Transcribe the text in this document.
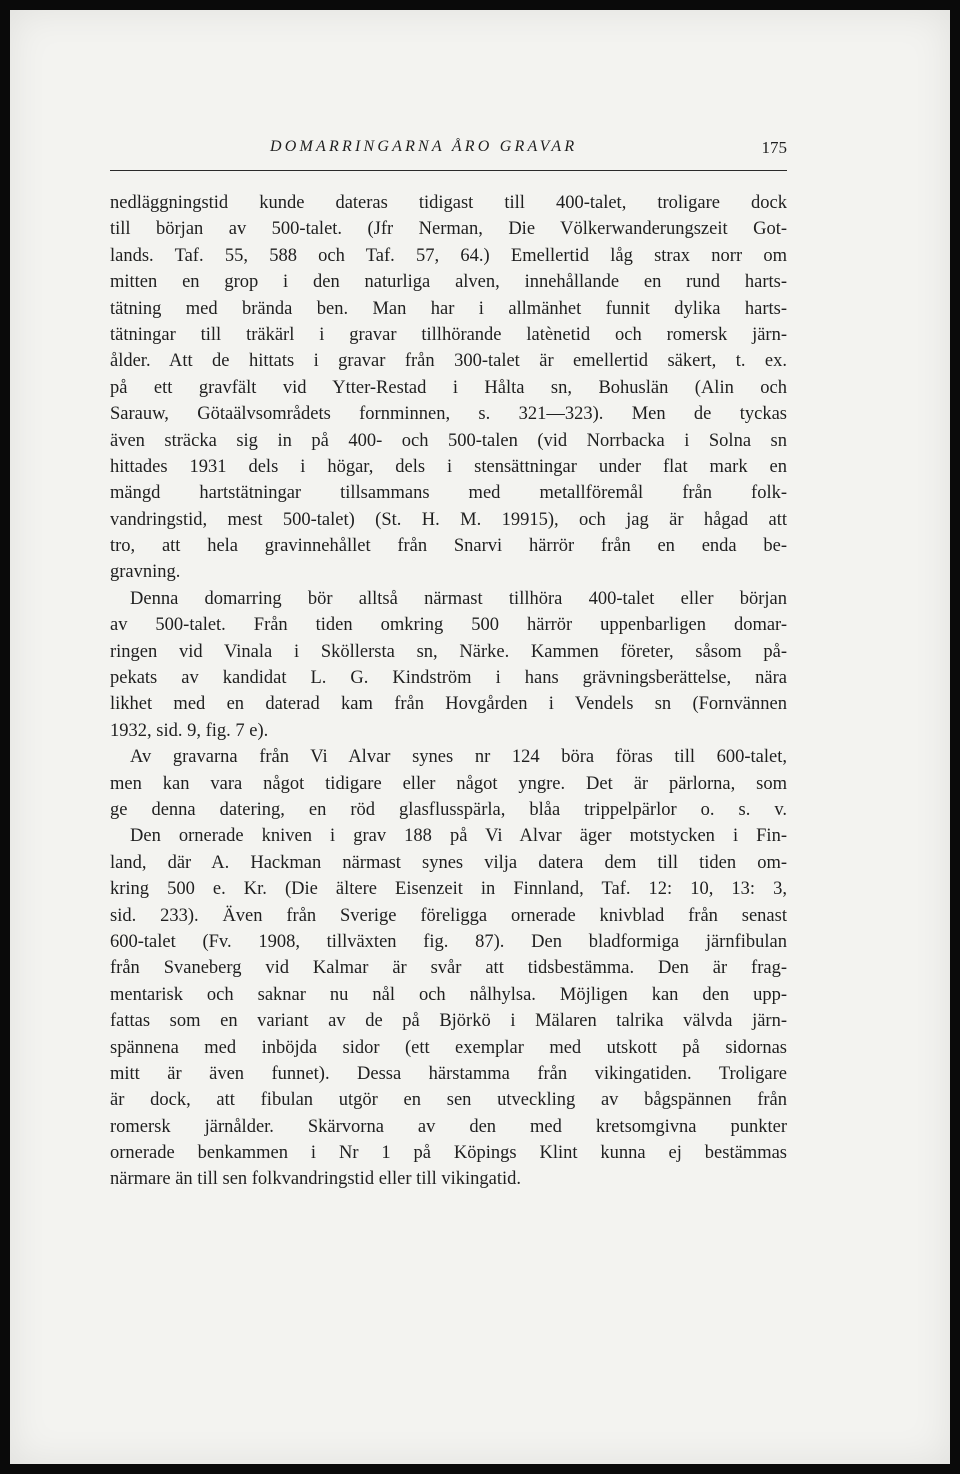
DOMARRINGARNA ÅRO GRAVAR	175
nedläggningstid kunde dateras tidigast till 400-talet, troligare dock
till början av 500-talet. (Jfr Nerman, Die Völkerwanderungszeit Got-
lands. Taf. 55, 588 och Taf. 57, 64.) Emellertid låg strax norr om
mitten en grop i den naturliga alven, innehållande en rund harts-
tätning med brända ben. Man har i allmänhet funnit dylika harts-
tätningar till träkärl i gravar tillhörande latènetid och romersk järn-
ålder. Att de hittats i gravar från 300-talet är emellertid säkert, t. ex.
på ett gravfält vid Ytter-Restad i Hålta sn, Bohuslän (Alin och
Sarauw, Götaälvsområdets fornminnen, s. 321—323). Men de tyckas
även sträcka sig in på 400- och 500-talen (vid Norrbacka i Solna sn
hittades 1931 dels i högar, dels i stensättningar under flat mark en
mängd hartstätningar tillsammans med metallföremål från folk-
vandringstid, mest 500-talet) (St. H. M. 19915), och jag är hågad att
tro, att hela gravinnehållet från Snarvi härrör från en enda be-
gravning.
Denna domarring bör alltså närmast tillhöra 400-talet eller början
av 500-talet. Från tiden omkring 500 härrör uppenbarligen domar-
ringen vid Vinala i Sköllersta sn, Närke. Kammen företer, såsom på-
pekats av kandidat L. G. Kindström i hans grävningsberättelse, nära
likhet med en daterad kam från Hovgården i Vendels sn (Fornvännen
1932, sid. 9, fig. 7 e).
Av gravarna från Vi Alvar synes nr 124 böra föras till 600-talet,
men kan vara något tidigare eller något yngre. Det är pärlorna, som
ge denna datering, en röd glasflusspärla, blåa trippelpärlor o. s. v.
Den ornerade kniven i grav 188 på Vi Alvar äger motstycken i Fin-
land, där A. Hackman närmast synes vilja datera dem till tiden om-
kring 500 e. Kr. (Die ältere Eisenzeit in Finnland, Taf. 12: 10, 13: 3,
sid. 233). Även från Sverige föreligga ornerade knivblad från senast
600-talet (Fv. 1908, tillväxten fig. 87). Den bladformiga järnfibulan
från Svaneberg vid Kalmar är svår att tidsbestämma. Den är frag-
mentarisk och saknar nu nål och nålhylsa. Möjligen kan den upp-
fattas som en variant av de på Björkö i Mälaren talrika välvda järn-
spännena med inböjda sidor (ett exemplar med utskott på sidornas
mitt är även funnet). Dessa härstamma från vikingatiden. Troligare
är dock, att fibulan utgör en sen utveckling av bågspännen från
romersk järnålder. Skärvorna av den med kretsomgivna punkter
ornerade benkammen i Nr 1 på Köpings Klint kunna ej bestämmas
närmare än till sen folkvandringstid eller till vikingatid.
